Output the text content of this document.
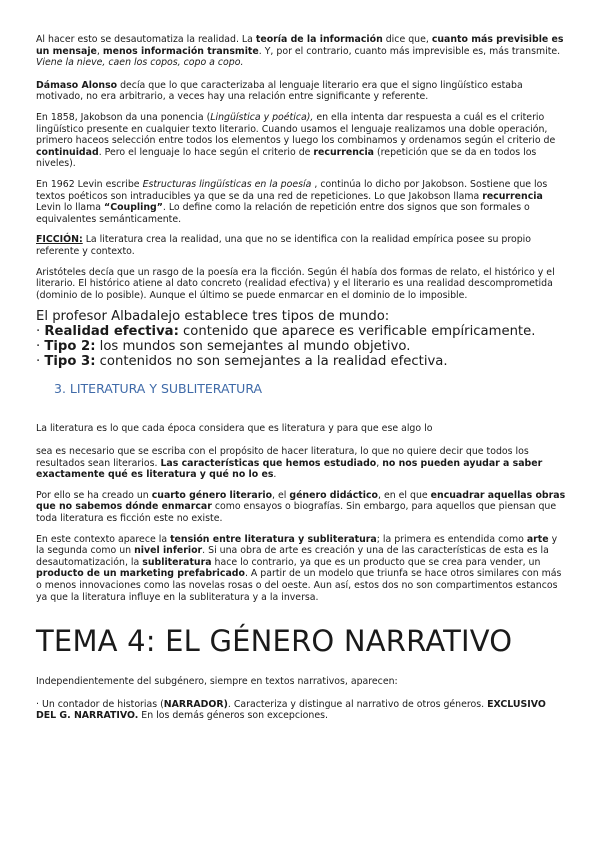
Al hacer esto se desautomatiza la realidad. La teoría de la información dice que, cuanto más previsible es un mensaje, menos información transmite. Y, por el contrario, cuanto más imprevisible es, más transmite.
Viene la nieve, caen los copos, copo a copo.

Dámaso Alonso decía que lo que caracterizaba al lenguaje literario era que el signo lingüístico estaba motivado, no era arbitrario, a veces hay una relación entre significante y referente.

En 1858, Jakobson da una ponencia (Lingüística y poética), en ella intenta dar respuesta a cuál es el criterio lingüístico presente en cualquier texto literario. Cuando usamos el lenguaje realizamos una doble operación, primero haceos selección entre todos los elementos y luego los combinamos y ordenamos según el criterio de continuidad. Pero el lenguaje lo hace según el criterio de recurrencia (repetición que se da en todos los niveles).

En 1962 Levin escribe Estructuras lingüísticas en la poesía , continúa lo dicho por Jakobson. Sostiene que los textos poéticos son intraducibles ya que se da una red de repeticiones. Lo que Jakobson llama recurrencia Levin lo llama “Coupling”. Lo define como la relación de repetición entre dos signos que son formales o equivalentes semánticamente.

FICCIÓN: La literatura crea la realidad, una que no se identifica con la realidad empírica posee su propio referente y contexto.

Aristóteles decía que un rasgo de la poesía era la ficción. Según él había dos formas de relato, el histórico y el literario. El histórico atiene al dato concreto (realidad efectiva) y el literario es una realidad descomprometida (dominio de lo posible). Aunque el último se puede enmarcar en el dominio de lo imposible.

El profesor Albadalejo establece tres tipos de mundo:
· Realidad efectiva: contenido que aparece es verificable empíricamente.
· Tipo 2: los mundos son semejantes al mundo objetivo.
· Tipo 3: contenidos no son semejantes a la realidad efectiva.

3. LITERATURA Y SUBLITERATURA

La literatura es lo que cada época considera que es literatura y para que ese algo lo

sea es necesario que se escriba con el propósito de hacer literatura, lo que no quiere decir que todos los resultados sean literarios. Las características que hemos estudiado, no nos pueden ayudar a saber exactamente qué es literatura y qué no lo es.

Por ello se ha creado un cuarto género literario, el género didáctico, en el que encuadrar aquellas obras que no sabemos dónde enmarcar como ensayos o biografías. Sin embargo, para aquellos que piensan que toda literatura es ficción este no existe.

En este contexto aparece la tensión entre literatura y subliteratura; la primera es entendida como arte y la segunda como un nivel inferior. Si una obra de arte es creación y una de las características de esta es la desautomatización, la subliteratura hace lo contrario, ya que es un producto que se crea para vender, un producto de un marketing prefabricado. A partir de un modelo que triunfa se hace otros similares con más o menos innovaciones como las novelas rosas o del oeste. Aun así, estos dos no son compartimentos estancos ya que la literatura influye en la subliteratura y a la inversa.

TEMA 4: EL GÉNERO NARRATIVO

Independientemente del subgénero, siempre en textos narrativos, aparecen:

· Un contador de historias (NARRADOR). Caracteriza y distingue al narrativo de otros géneros. EXCLUSIVO DEL G. NARRATIVO. En los demás géneros son excepciones.
